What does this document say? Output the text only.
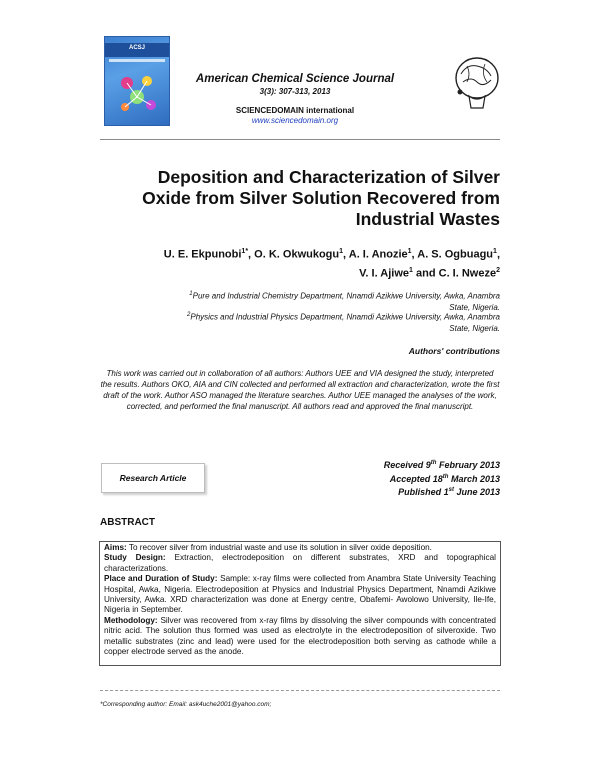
ACSJ
American Chemical Science Journal
3(3): 307-313, 2013
SCIENCEDOMAIN international
www.sciencedomain.org
Deposition and Characterization of Silver Oxide from Silver Solution Recovered from Industrial Wastes
U. E. Ekpunobi$^{1*}$, O. K. Okwukogu$^1$, A. I. Anozie$^1$, A. S. Ogbuagu$^1$,
V. I. Ajiwe$^1$ and C. I. Nweze$^2$
$^1$Pure and Industrial Chemistry Department, Nnamdi Azikiwe University, Awka, Anambra
State, Nigeria.
$^2$Physics and Industrial Physics Department, Nnamdi Azikiwe University, Awka, Anambra
State, Nigeria.
Authors' contributions
This work was carried out in collaboration of all authors: Authors UEE and VIA designed the study, interpreted the results. Authors OKO, AIA and CIN collected and performed all extraction and characterization, wrote the first draft of the work. Author ASO managed the literature searches. Author UEE managed the analyses of the work, corrected, and performed the final manuscript. All authors read and approved the final manuscript.
Research Article
Received 9th February 2013
Accepted 18th March 2013
Published 1st June 2013
ABSTRACT

Aims: To recover silver from industrial waste and use its solution in silver oxide deposition.

Study Design: Extraction, electrodeposition on different substrates, XRD and topographical characterizations.

Place and Duration of Study: Sample: x-ray films were collected from Anambra State University Teaching Hospital, Awka, Nigeria. Electrodeposition at Physics and Industrial Physics Department, Nnamdi Azikiwe University, Awka. XRD characterization was done at Energy centre, Obafemi- Awolowo University, Ile-Ife, Nigeria in September.

Methodology: Silver was recovered from x-ray films by dissolving the silver compounds with concentrated nitric acid. The solution thus formed was used as electrolyte in the electrodeposition of silveroxide. Two metallic substrates (zinc and lead) were used for the electrodeposition both serving as cathode while a copper electrode served as the anode.

*Corresponding author: Email: ask4uche2001@yahoo.com;
